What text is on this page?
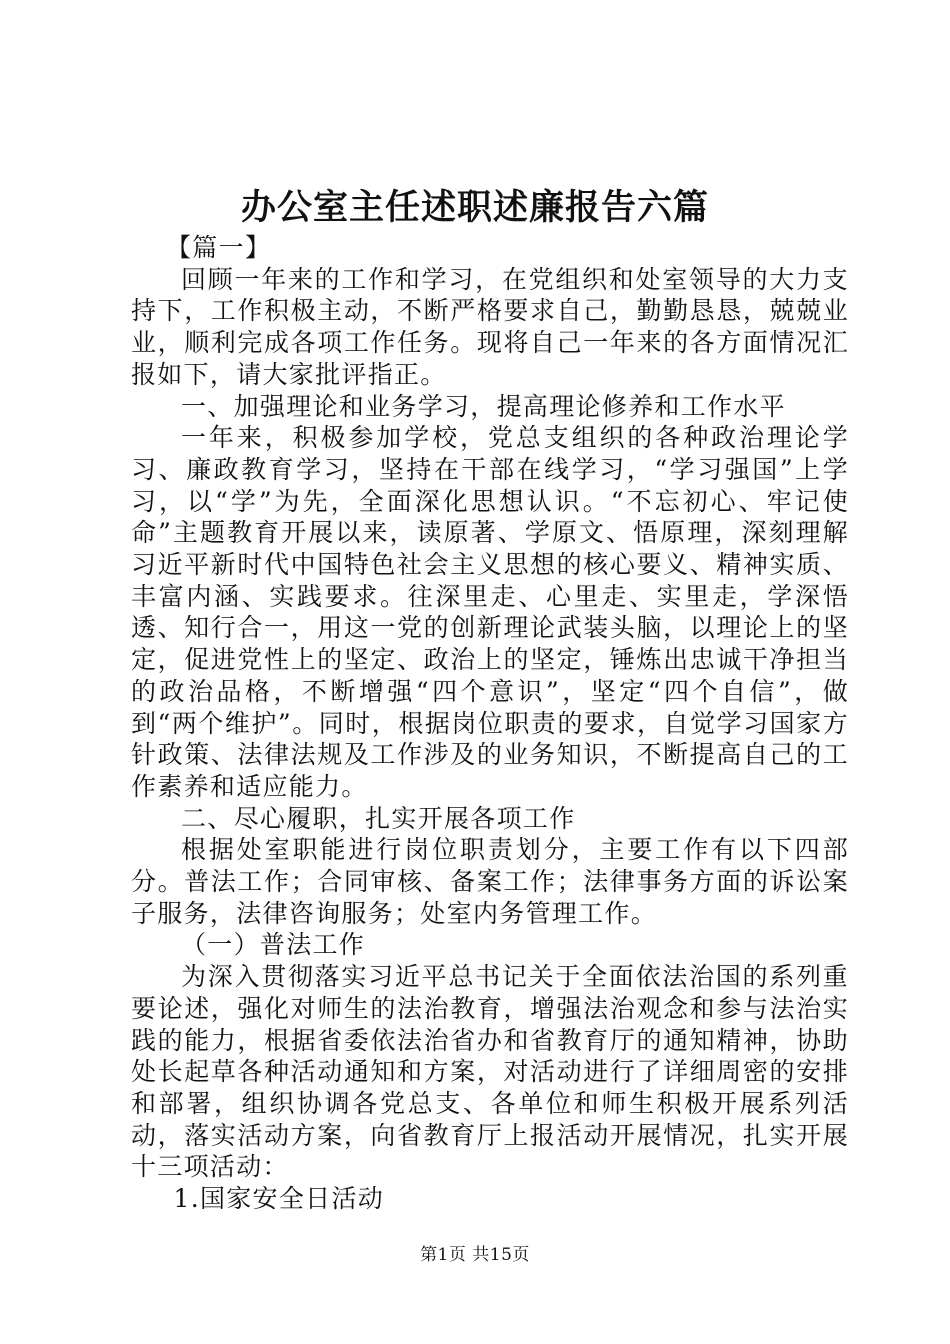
办公室主任述职述廉报告六篇

【篇一】

回顾一年来的工作和学习，在党组织和处室领导的大力支持下，工作积极主动，不断严格要求自己，勤勤恳恳，兢兢业业，顺利完成各项工作任务。现将自己一年来的各方面情况汇报如下，请大家批评指正。

一、加强理论和业务学习，提高理论修养和工作水平

一年来，积极参加学校，党总支组织的各种政治理论学习、廉政教育学习，坚持在干部在线学习，“学习强国”上学习，以“学”为先，全面深化思想认识。“不忘初心、牢记使命”主题教育开展以来，读原著、学原文、悟原理，深刻理解习近平新时代中国特色社会主义思想的核心要义、精神实质、丰富内涵、实践要求。往深里走、心里走、实里走，学深悟透、知行合一，用这一党的创新理论武装头脑，以理论上的坚定，促进党性上的坚定、政治上的坚定，锤炼出忠诚干净担当的政治品格，不断增强“四个意识”，坚定“四个自信”，做到“两个维护”。同时，根据岗位职责的要求，自觉学习国家方针政策、法律法规及工作涉及的业务知识，不断提高自己的工作素养和适应能力。

二、尽心履职，扎实开展各项工作

根据处室职能进行岗位职责划分，主要工作有以下四部分。普法工作；合同审核、备案工作；法律事务方面的诉讼案子服务，法律咨询服务；处室内务管理工作。

（一）普法工作

为深入贯彻落实习近平总书记关于全面依法治国的系列重要论述，强化对师生的法治教育，增强法治观念和参与法治实践的能力，根据省委依法治省办和省教育厅的通知精神，协助处长起草各种活动通知和方案，对活动进行了详细周密的安排和部署，组织协调各党总支、各单位和师生积极开展系列活动，落实活动方案，向省教育厅上报活动开展情况，扎实开展十三项活动：

1.国家安全日活动

第1页 共15页
